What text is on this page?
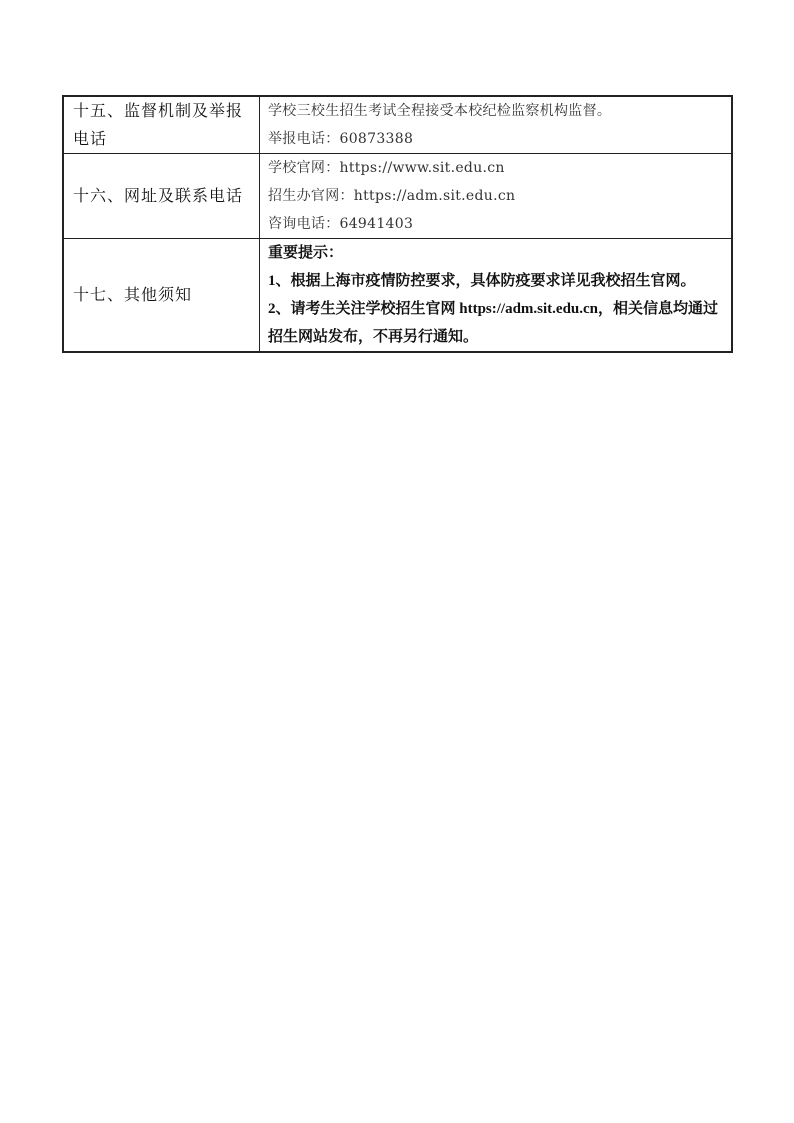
十五、监督机制及举报电话	学校三校生招生考试全程接受本校纪检监察机构监督。
举报电话：60873388

十六、网址及联系电话	学校官网：https://www.sit.edu.cn
招生办官网：https://adm.sit.edu.cn
咨询电话：64941403

十七、其他须知	重要提示：
1、根据上海市疫情防控要求，具体防疫要求详见我校招生官网。
2、请考生关注学校招生官网 https://adm.sit.edu.cn，相关信息均通过招生网站发布，不再另行通知。
